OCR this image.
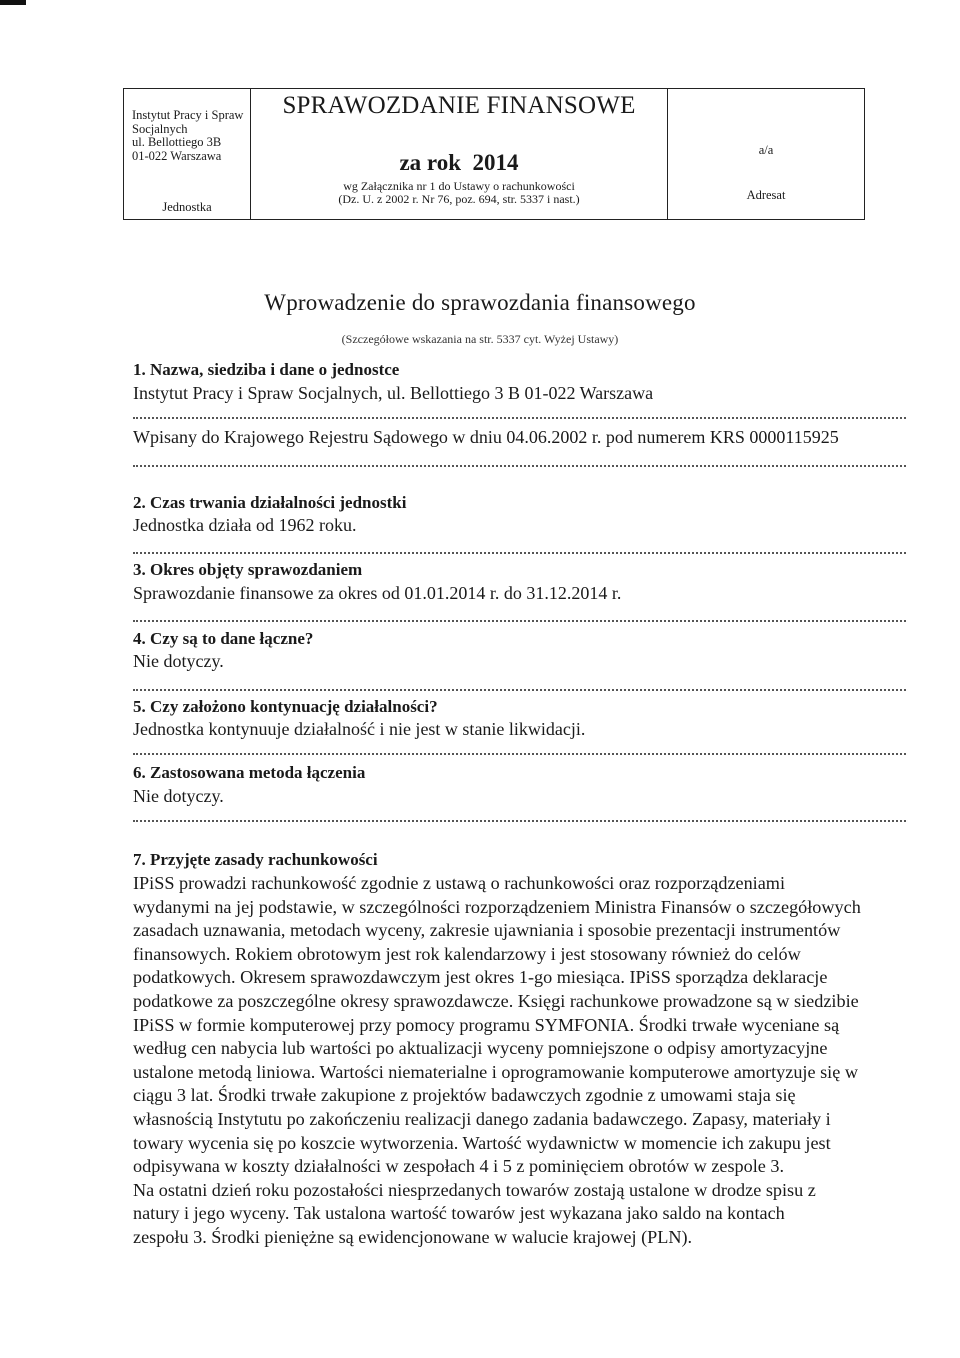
Instytut Pracy i Spraw Socjalnych
ul. Bellottiego 3B
01-022 Warszawa
Jednostka
SPRAWOZDANIE FINANSOWE
za rok  2014
wg Załącznika nr 1 do Ustawy o rachunkowości
(Dz. U. z 2002 r. Nr 76, poz. 694, str. 5337 i nast.)
a/a
Adresat
Wprowadzenie do sprawozdania finansowego
(Szczegółowe wskazania na str. 5337 cyt. Wyżej Ustawy)
1. Nazwa, siedziba i dane o jednostce
Instytut Pracy i Spraw Socjalnych, ul. Bellottiego 3 B 01-022 Warszawa
Wpisany do Krajowego Rejestru Sądowego w dniu 04.06.2002 r. pod numerem KRS 0000115925
2. Czas trwania działalności jednostki
Jednostka działa od 1962 roku.
3. Okres objęty sprawozdaniem
Sprawozdanie finansowe za okres od 01.01.2014 r. do 31.12.2014 r.
4. Czy są to dane łączne?
Nie dotyczy.
5. Czy założono kontynuację działalności?
Jednostka kontynuuje działalność i nie jest w stanie likwidacji.
6. Zastosowana metoda łączenia
Nie dotyczy.
7. Przyjęte zasady rachunkowości
IPiSS prowadzi rachunkowość zgodnie z ustawą o rachunkowości oraz rozporządzeniami
wydanymi na jej podstawie, w szczególności rozporządzeniem Ministra Finansów o szczegółowych
zasadach uznawania, metodach wyceny, zakresie ujawniania i sposobie prezentacji instrumentów
finansowych. Rokiem obrotowym jest rok kalendarzowy i jest stosowany również do celów
podatkowych. Okresem sprawozdawczym jest okres 1-go miesiąca. IPiSS sporządza deklaracje
podatkowe za poszczególne okresy sprawozdawcze. Księgi rachunkowe prowadzone są w siedzibie
IPiSS w formie komputerowej przy pomocy programu SYMFONIA. Środki trwałe wyceniane są
według cen nabycia lub wartości po aktualizacji wyceny pomniejszone o odpisy amortyzacyjne
ustalone metodą liniowa. Wartości niematerialne i oprogramowanie komputerowe amortyzuje się w
ciągu 3 lat. Środki trwałe zakupione z projektów badawczych zgodnie z umowami staja się
własnością Instytutu po zakończeniu realizacji danego zadania badawczego. Zapasy, materiały i
towary wycenia się po koszcie wytworzenia. Wartość wydawnictw w momencie ich zakupu jest
odpisywana w koszty działalności w zespołach 4 i 5 z pominięciem obrotów w zespole 3.
Na ostatni dzień roku pozostałości niesprzedanych towarów zostają ustalone w drodze spisu z
natury i jego wyceny. Tak ustalona wartość towarów jest wykazana jako saldo na kontach
zespołu 3. Środki pieniężne są ewidencjonowane w walucie krajowej (PLN).
